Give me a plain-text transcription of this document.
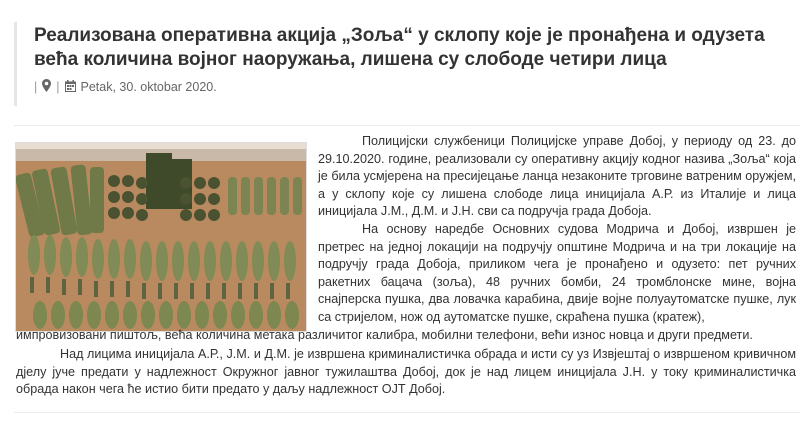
Реализована оперативна акција „Зоља“ у склопу које је пронађена и одузета већа количина војног наоружања, лишена су слободе четири лица
| | Petak, 30. oktobar 2020.

Полицијски службеници Полицијске управе Добој, у периоду од 23. до 29.10.2020. године, реализовали су оперативну акцију кодног назива „Зоља“ која је била усмјерена на пресијецање ланца незаконите трговине ватреним оружјем, а у склопу које су лишена слободе лица иницијала А.Р. из Италије и лица иницијала Ј.М., Д.М. и Ј.Н. сви са подручја града Добоја.

На основу наредбе Основних судова Модрича и Добој, извршен је претрес на једној локацији на подручју општине Модрича и на три локације на подручју града Добоја, приликом чега је пронађено и одузето: пет ручних ракетних бацача (зоља), 48 ручних бомби, 24 тромблонске мине, војна снајперска пушка, два ловачка карабина, двије војне полуаутоматске пушке, лук са стријелом, нож од аутоматске пушке, скраћена пушка (кратеж),

импровизовани пиштољ, већа количина метака различитог калибра, мобилни телефони, већи износ новца и други предмети.

Над лицима иницијала А.Р., Ј.М. и Д.М. је извршена криминалистичка обрада и исти су уз Извјештај о извршеном кривичном дјелу јуче предати у надлежност Окружног јавног тужилаштва Добој, док је над лицем иницијала Ј.Н. у току криминалистичка обрада након чега ће истио бити предато у даљу надлежност ОЈТ Добој.
